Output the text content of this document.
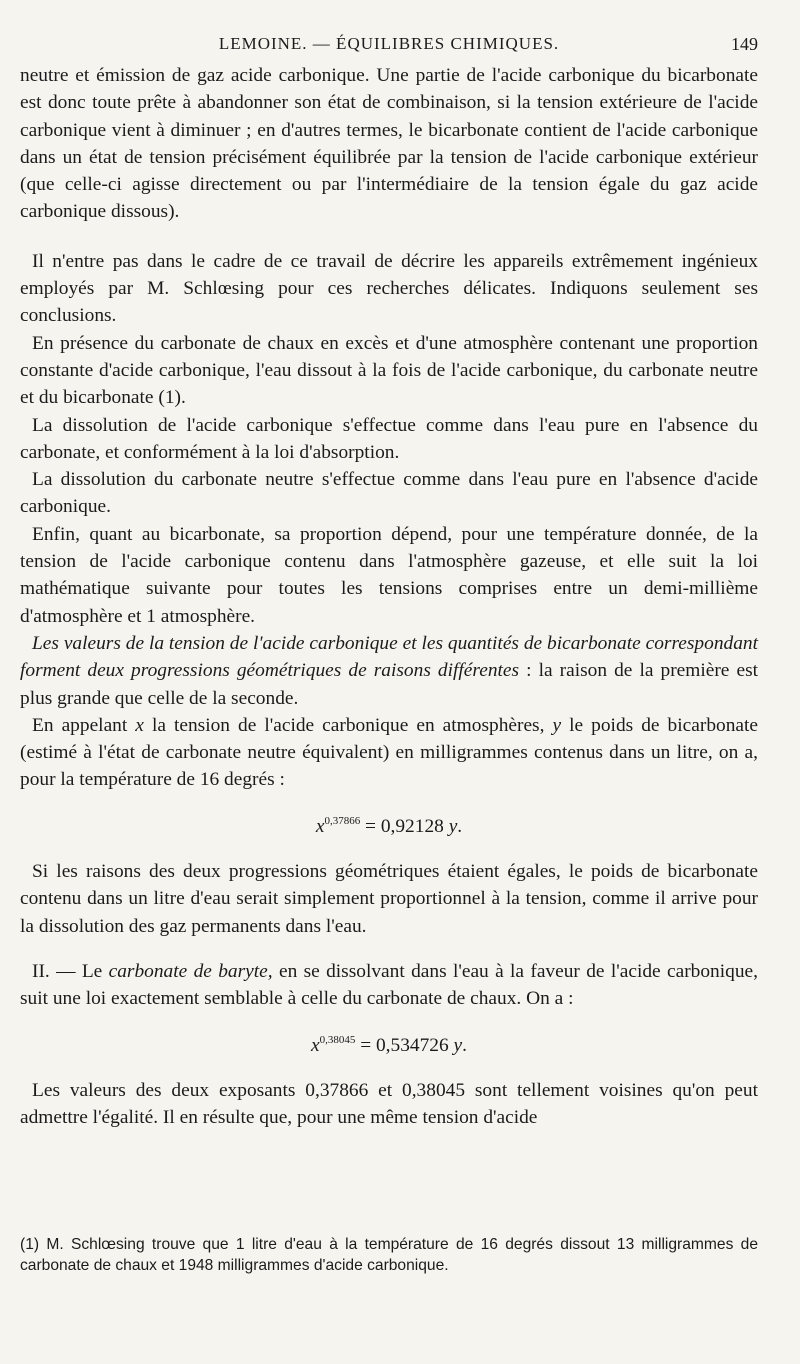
LEMOINE. — ÉQUILIBRES CHIMIQUES.	149

neutre et émission de gaz acide carbonique. Une partie de l'acide carbonique du bicarbonate est donc toute prête à abandonner son état de combinaison, si la tension extérieure de l'acide carbonique vient à diminuer ; en d'autres termes, le bicarbonate contient de l'acide carbonique dans un état de tension précisément équilibrée par la tension de l'acide carbonique extérieur (que celle-ci agisse directement ou par l'intermédiaire de la tension égale du gaz acide carbonique dissous).

Il n'entre pas dans le cadre de ce travail de décrire les appareils extrêmement ingénieux employés par M. Schlœsing pour ces recherches délicates. Indiquons seulement ses conclusions.

En présence du carbonate de chaux en excès et d'une atmosphère contenant une proportion constante d'acide carbonique, l'eau dissout à la fois de l'acide carbonique, du carbonate neutre et du bicarbonate (1).

La dissolution de l'acide carbonique s'effectue comme dans l'eau pure en l'absence du carbonate, et conformément à la loi d'absorption.

La dissolution du carbonate neutre s'effectue comme dans l'eau pure en l'absence d'acide carbonique.

Enfin, quant au bicarbonate, sa proportion dépend, pour une température donnée, de la tension de l'acide carbonique contenu dans l'atmosphère gazeuse, et elle suit la loi mathématique suivante pour toutes les tensions comprises entre un demi-millième d'atmosphère et 1 atmosphère.

Les valeurs de la tension de l'acide carbonique et les quantités de bicarbonate correspondant forment deux progressions géométriques de raisons différentes : la raison de la première est plus grande que celle de la seconde.

En appelant x la tension de l'acide carbonique en atmosphères, y le poids de bicarbonate (estimé à l'état de carbonate neutre équivalent) en milligrammes contenus dans un litre, on a, pour la température de 16 degrés :

$x^{0,37866} = 0,92128$ y.

Si les raisons des deux progressions géométriques étaient égales, le poids de bicarbonate contenu dans un litre d'eau serait simplement proportionnel à la tension, comme il arrive pour la dissolution des gaz permanents dans l'eau.

II. — Le carbonate de baryte, en se dissolvant dans l'eau à la faveur de l'acide carbonique, suit une loi exactement semblable à celle du carbonate de chaux. On a :

$x^{0,38045} = 0,534726$ y.

Les valeurs des deux exposants 0,37866 et 0,38045 sont tellement voisines qu'on peut admettre l'égalité. Il en résulte que, pour une même tension d'acide

(1) M. Schlœsing trouve que 1 litre d'eau à la température de 16 degrés dissout 13 milligrammes de carbonate de chaux et 1948 milligrammes d'acide carbonique.
